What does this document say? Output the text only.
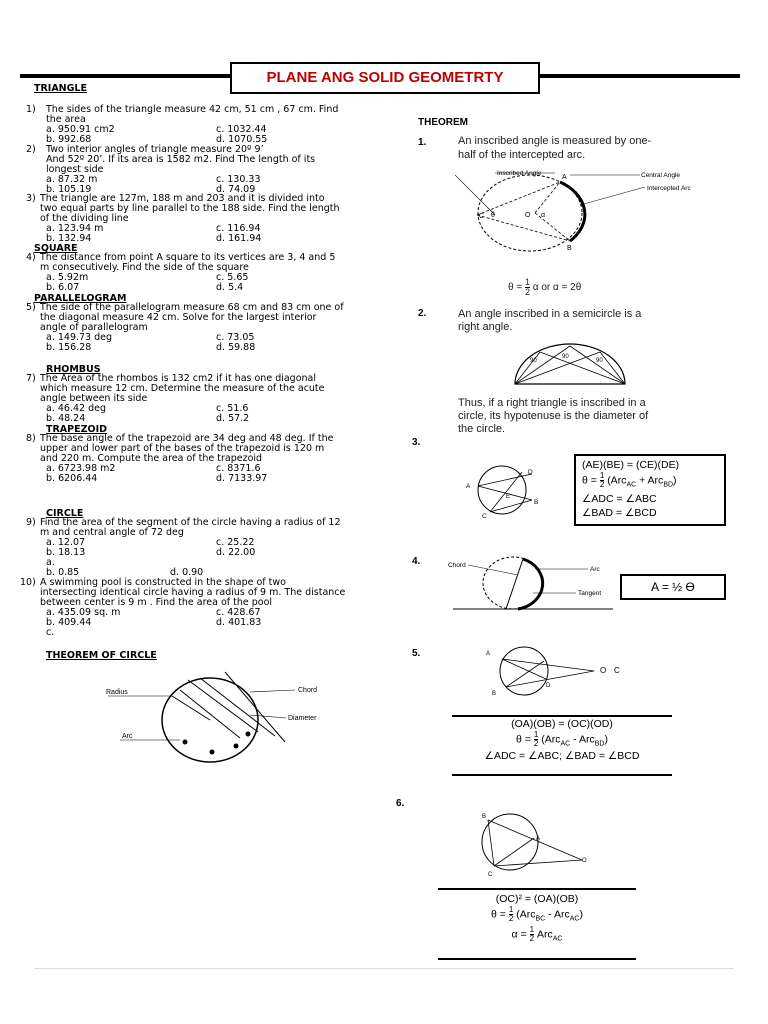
PLANE ANG SOLID GEOMETRTY
TRIANGLE
1) The sides of the triangle measure 42 cm, 51 cm , 67 cm. Find
the area
a. 950.91 cm2	c. 1032.44
b. 992.68	d. 1070.55
2) Two interior angles of triangle measure 20º 9’
And 52º 20’. If its area is 1582 m2. Find The length of its
longest side
a. 87.32 m	c. 130.33
b. 105.19	d. 74.09
3) The triangle are 127m, 188 m and 203 and it is divided into
two equal parts by line parallel to the 188 side. Find the length
of the dividing line
a. 123.94 m	c. 116.94
b. 132.94	d. 161.94
SQUARE
4) The distance from point A square to its vertices are 3, 4 and 5
m consecutively. Find the side of the square
a. 5.92m	c. 5.65
b. 6.07	d. 5.4
PARALLELOGRAM
5) The side of the parallelogram measure 68 cm and 83 cm one of
the diagonal measure 42 cm. Solve for the largest interior
angle of parallelogram
a. 149.73 deg	c. 73.05
b. 156.28	d. 59.88
RHOMBUS
7) The Area of the rhombos is 132 cm2 if it has one diagonal
which measure 12 cm. Determine the measure of the acute
angle between its side
a. 46.42 deg	c. 51.6
b. 48.24	d. 57.2
TRAPEZOID
8) The base angle of the trapezoid are 34 deg and 48 deg. If the
upper and lower part of the bases of the trapezoid is 120 m
and 220 m. Compute the area of the trapezoid
a. 6723.98 m2	c. 8371.6
b. 6206.44	d. 7133.97
CIRCLE
9) Find the area of the segment of the circle having a radius of 12
m and central angle of 72 deg
a. 12.07	c. 25.22
b. 18.13	d. 22.00
a.
b. 0.85	d. 0.90
10) A swimming pool is constructed in the shape of two
intersecting identical circle having a radius of 9 m. The distance
between center is 9 m . Find the area of the pool
a. 435.09 sq. m	c. 428.67
b. 409.44	d. 401.83
c.
THEOREM OF CIRCLE
Radius	Chord
Diameter
Arc
THEOREM
1.	An inscribed angle is measured by one-
half of the intercepted arc.
Inscribed Angle	Central Angle
Intercepted Arc
A
B
C	O
θ	α
$\theta = \frac{1}{2}$ α or α = 2θ
2.	An angle inscribed in a semicircle is a
right angle.
90
90
90
Thus, if a right triangle is inscribed in a
circle, its hypotenuse is the diameter of
the circle.
3.
A
B
C
D
E
(AE)(BE) = (CE)(DE)
$\theta = \frac{1}{2} (Arc_{AC} + Arc_{BD})$
∠ADC = ∠ABC
∠BAD = ∠BCD
4.	Chord
Arc
Tangent	A = ½ ϴ
5.	A
B
D
O C
(OA)(OB) = (OC)(OD)
$\theta = \frac{1}{2} (Arc_{AC} - Arc_{BD})$
∠ADC = ∠ABC; ∠BAD = ∠BCD
6.
B
A
C
O
(OC)² = (OA)(OB)
$\theta = \frac{1}{2} (Arc_{BC} - Arc_{AC})$
$\alpha = \frac{1}{2} Arc_{AC}$
